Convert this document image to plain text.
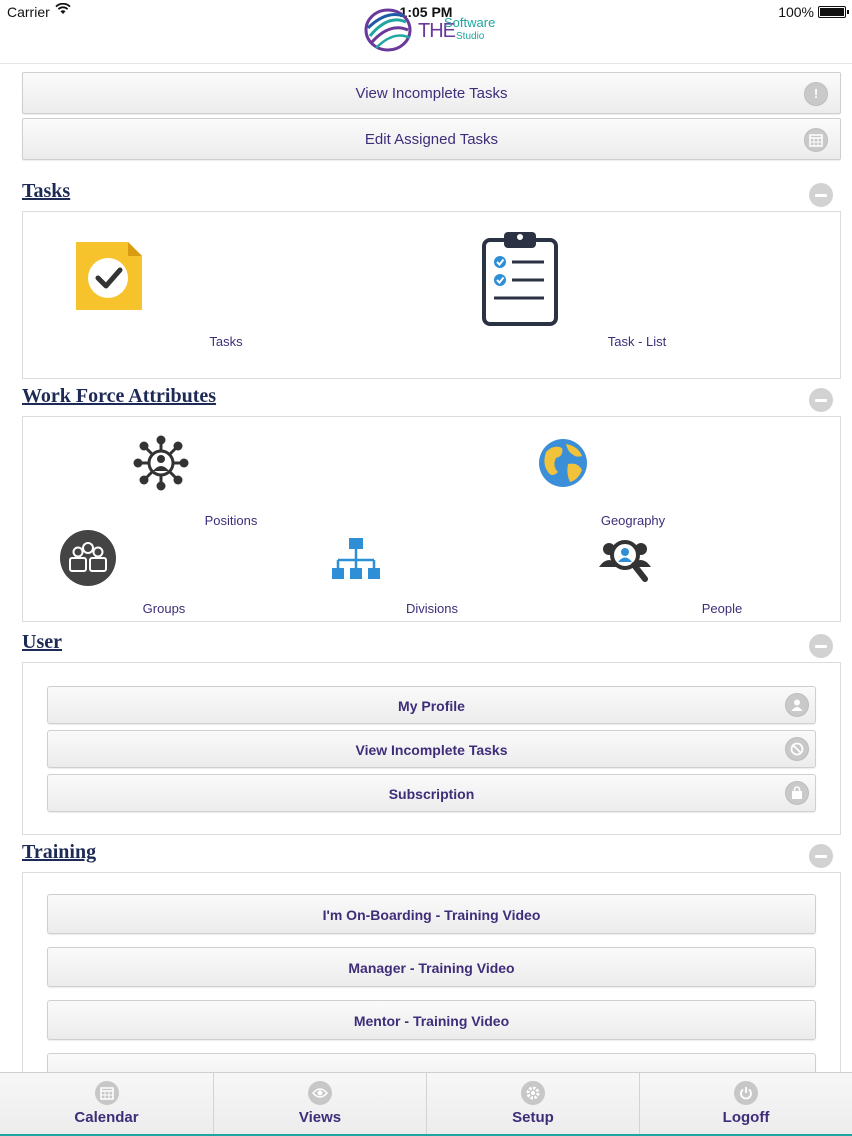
Carrier	1:05 PM	100%
THE
Software
Studio
View Incomplete Tasks	!
Edit Assigned Tasks
Tasks
Tasks	Task - List
Work Force Attributes
Positions	Geography
Groups	Divisions	People
User
My Profile
View Incomplete Tasks
Subscription
Training
I'm On-Boarding - Training Video
Manager - Training Video
Mentor - Training Video
Calendar	Views	Setup	Logoff
